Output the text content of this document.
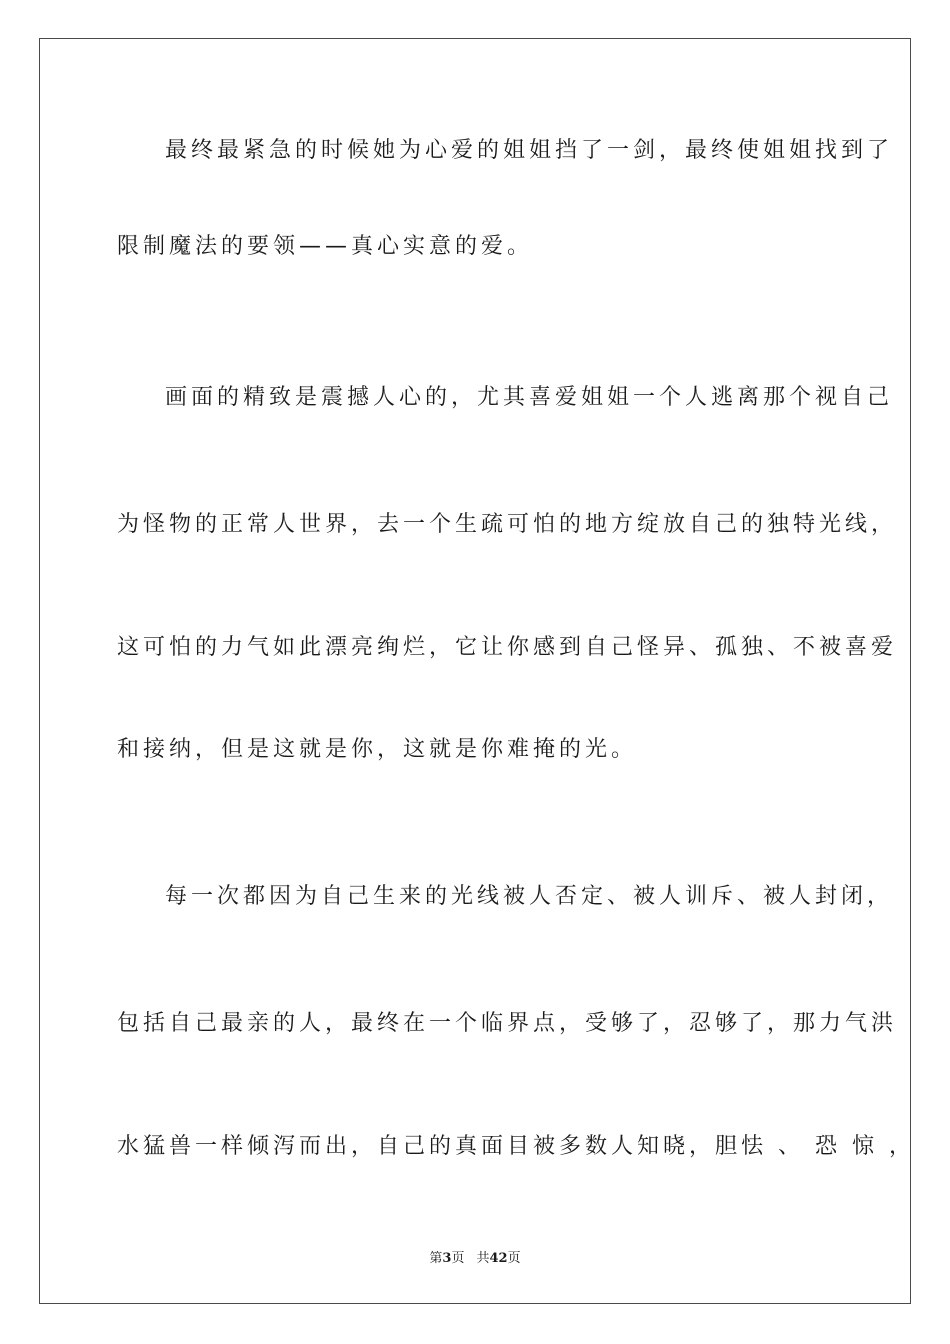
最终最紧急的时候她为心爱的姐姐挡了一剑，最终使姐姐找到了
限制魔法的要领——真心实意的爱。
画面的精致是震撼人心的，尤其喜爱姐姐一个人逃离那个视自己
为怪物的正常人世界，去一个生疏可怕的地方绽放自己的独特光线，
这可怕的力气如此漂亮绚烂，它让你感到自己怪异、孤独、不被喜爱
和接纳，但是这就是你，这就是你难掩的光。
每一次都因为自己生来的光线被人否定、被人训斥、被人封闭，
包括自己最亲的人，最终在一个临界点，受够了，忍够了，那力气洪
水猛兽一样倾泻而出，自己的真面目被多数人知晓，胆怯 、 恐 惊 ，
第3页 共42页
